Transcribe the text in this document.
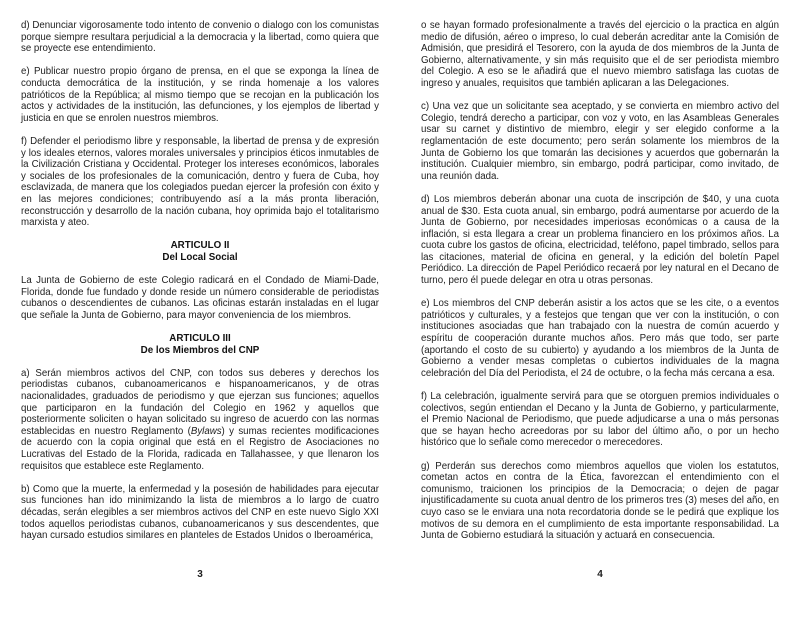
d) Denunciar vigorosamente todo intento de convenio o dialogo con los comunistas porque siempre resultara perjudicial a la democracia y la libertad, como quiera que se proyecte ese entendimiento.

e) Publicar nuestro propio órgano de prensa, en el que se exponga la línea de conducta democrática de la institución, y se rinda homenaje a los valores patrióticos de la República; al mismo tiempo que se recojan en la publicación los actos y actividades de la institución, las defunciones, y los ejemplos de libertad y justicia en que se enrolen nuestros miembros.

f) Defender el periodismo libre y responsable, la libertad de prensa y de expresión y los ideales eternos, valores morales universales y principios éticos inmutables de la Civilización Cristiana y Occidental. Proteger los intereses económicos, laborales y sociales de los profesionales de la comunicación, dentro y fuera de Cuba, hoy esclavizada, de manera que los colegiados puedan ejercer la profesión con éxito y en las mejores condiciones; contribuyendo así a la más pronta liberación, reconstrucción y desarrollo de la nación cubana, hoy oprimida bajo el totalitarismo marxista y ateo.

ARTICULO II
Del Local Social

La Junta de Gobierno de este Colegio radicará en el Condado de Miami-Dade, Florida, donde fue fundado y donde reside un número considerable de periodistas cubanos o descendientes de cubanos. Las oficinas estarán instaladas en el lugar que señale la Junta de Gobierno, para mayor conveniencia de los miembros.

ARTICULO III
De los Miembros del CNP

a) Serán miembros activos del CNP, con todos sus deberes y derechos los periodistas cubanos, cubanoamericanos e hispanoamericanos, y de otras nacionalidades, graduados de periodismo y que ejerzan sus funciones; aquellos que participaron en la fundación del Colegio en 1962 y aquellos que posteriormente soliciten o hayan solicitado su ingreso de acuerdo con las normas establecidas en nuestro Reglamento (Bylaws) y sumas recientes modificaciones de acuerdo con la copia original que está en el Registro de Asociaciones no Lucrativas del Estado de la Florida, radicada en Tallahassee, y que llenaron los requisitos que establece este Reglamento.

b) Como que la muerte, la enfermedad y la posesión de habilidades para ejecutar sus funciones han ido minimizando la lista de miembros a lo largo de cuatro décadas, serán elegibles a ser miembros activos del CNP en este nuevo Siglo XXI todos aquellos periodistas cubanos, cubanoamericanos y sus descendentes, que hayan cursado estudios similares en planteles de Estados Unidos o Iberoamérica,

3

o se hayan formado profesionalmente a través del ejercicio o la practica en algún medio de difusión, aéreo o impreso, lo cual deberán acreditar ante la Comisión de Admisión, que presidirá el Tesorero, con la ayuda de dos miembros de la Junta de Gobierno, alternativamente, y sin más requisito que el de ser periodista miembro del Colegio. A eso se le añadirá que el nuevo miembro satisfaga las cuotas de ingreso y anuales, requisitos que también aplicaran a las Delegaciones.

c) Una vez que un solicitante sea aceptado, y se convierta en miembro activo del Colegio, tendrá derecho a participar, con voz y voto, en las Asambleas Generales usar su carnet y distintivo de miembro, elegir y ser elegido conforme a la reglamentación de este documento; pero serán solamente los miembros de la Junta de Gobierno los que tomarán las decisiones y acuerdos que gobernarán la institución. Cualquier miembro, sin embargo, podrá participar, como invitado, de una reunión dada.

d) Los miembros deberán abonar una cuota de inscripción de $40, y una cuota anual de $30. Esta cuota anual, sin embargo, podrá aumentarse por acuerdo de la Junta de Gobierno, por necesidades imperiosas económicas o a causa de la inflación, si esta llegara a crear un problema financiero en los próximos años. La cuota cubre los gastos de oficina, electricidad, teléfono, papel timbrado, sellos para las citaciones, material de oficina en general, y la edición del boletín Papel Periódico. La dirección de Papel Periódico recaerá por ley natural en el Decano de turno, pero él puede delegar en otra u otras personas.

e) Los miembros del CNP deberán asistir a los actos que se les cite, o a eventos patrióticos y culturales, y a festejos que tengan que ver con la institución, o con instituciones asociadas que han trabajado con la nuestra de común acuerdo y espíritu de cooperación durante muchos años. Pero más que todo, ser parte (aportando el costo de su cubierto) y ayudando a los miembros de la Junta de Gobierno a vender mesas completas o cubiertos individuales de la magna celebración del Día del Periodista, el 24 de octubre, o la fecha más cercana a esa.

f) La celebración, igualmente servirá para que se otorguen premios individuales o colectivos, según entiendan el Decano y la Junta de Gobierno, y particularmente, el Premio Nacional de Periodismo, que puede adjudicarse a una o más personas que se hayan hecho acreedoras por su labor del último año, o por un hecho histórico que lo señale como merecedor o merecedores.

g) Perderán sus derechos como miembros aquellos que violen los estatutos, cometan actos en contra de la Ética, favorezcan el entendimiento con el comunismo, traicionen los principios de la Democracia; o dejen de pagar injustificadamente su cuota anual dentro de los primeros tres (3) meses del año, en cuyo caso se le enviara una nota recordatoria donde se le pedirá que explique los motivos de su demora en el cumplimiento de esta importante responsabilidad. La Junta de Gobierno estudiará la situación y actuará en consecuencia.

4
